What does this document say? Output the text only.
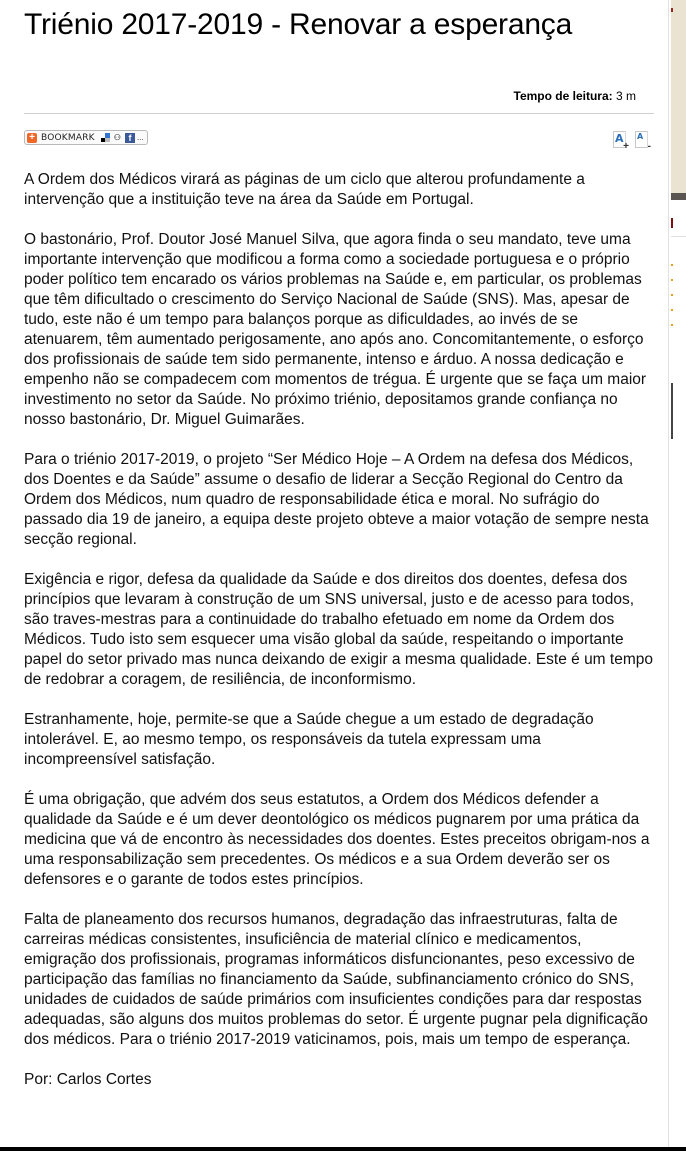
Triénio 2017-2019 - Renovar a esperança
Tempo de leitura: 3 m
+ BOOKMARK ⚇ f ...	A
+
A
-

A Ordem dos Médicos virará as páginas de um ciclo que alterou profundamente a intervenção que a instituição teve na área da Saúde em Portugal.

O bastonário, Prof. Doutor José Manuel Silva, que agora finda o seu mandato, teve uma importante intervenção que modificou a forma como a sociedade portuguesa e o próprio poder político tem encarado os vários problemas na Saúde e, em particular, os problemas que têm dificultado o crescimento do Serviço Nacional de Saúde (SNS). Mas, apesar de tudo, este não é um tempo para balanços porque as dificuldades, ao invés de se atenuarem, têm aumentado perigosamente, ano após ano. Concomitantemente, o esforço dos profissionais de saúde tem sido permanente, intenso e árduo. A nossa dedicação e empenho não se compadecem com momentos de trégua. É urgente que se faça um maior investimento no setor da Saúde. No próximo triénio, depositamos grande confiança no nosso bastonário, Dr. Miguel Guimarães.

Para o triénio 2017-2019, o projeto “Ser Médico Hoje – A Ordem na defesa dos Médicos, dos Doentes e da Saúde” assume o desafio de liderar a Secção Regional do Centro da Ordem dos Médicos, num quadro de responsabilidade ética e moral. No sufrágio do passado dia 19 de janeiro, a equipa deste projeto obteve a maior votação de sempre nesta secção regional.

Exigência e rigor, defesa da qualidade da Saúde e dos direitos dos doentes, defesa dos princípios que levaram à construção de um SNS universal, justo e de acesso para todos, são traves-mestras para a continuidade do trabalho efetuado em nome da Ordem dos Médicos. Tudo isto sem esquecer uma visão global da saúde, respeitando o importante papel do setor privado mas nunca deixando de exigir a mesma qualidade. Este é um tempo de redobrar a coragem, de resiliência, de inconformismo.

Estranhamente, hoje, permite-se que a Saúde chegue a um estado de degradação intolerável. E, ao mesmo tempo, os responsáveis da tutela expressam uma incompreensível satisfação.

É uma obrigação, que advém dos seus estatutos, a Ordem dos Médicos defender a qualidade da Saúde e é um dever deontológico os médicos pugnarem por uma prática da medicina que vá de encontro às necessidades dos doentes. Estes preceitos obrigam-nos a uma responsabilização sem precedentes. Os médicos e a sua Ordem deverão ser os defensores e o garante de todos estes princípios.

Falta de planeamento dos recursos humanos, degradação das infraestruturas, falta de carreiras médicas consistentes, insuficiência de material clínico e medicamentos, emigração dos profissionais, programas informáticos disfuncionantes, peso excessivo de participação das famílias no financiamento da Saúde, subfinanciamento crónico do SNS, unidades de cuidados de saúde primários com insuficientes condições para dar respostas adequadas, são alguns dos muitos problemas do setor. É urgente pugnar pela dignificação dos médicos. Para o triénio 2017-2019 vaticinamos, pois, mais um tempo de esperança.

Por: Carlos Cortes
